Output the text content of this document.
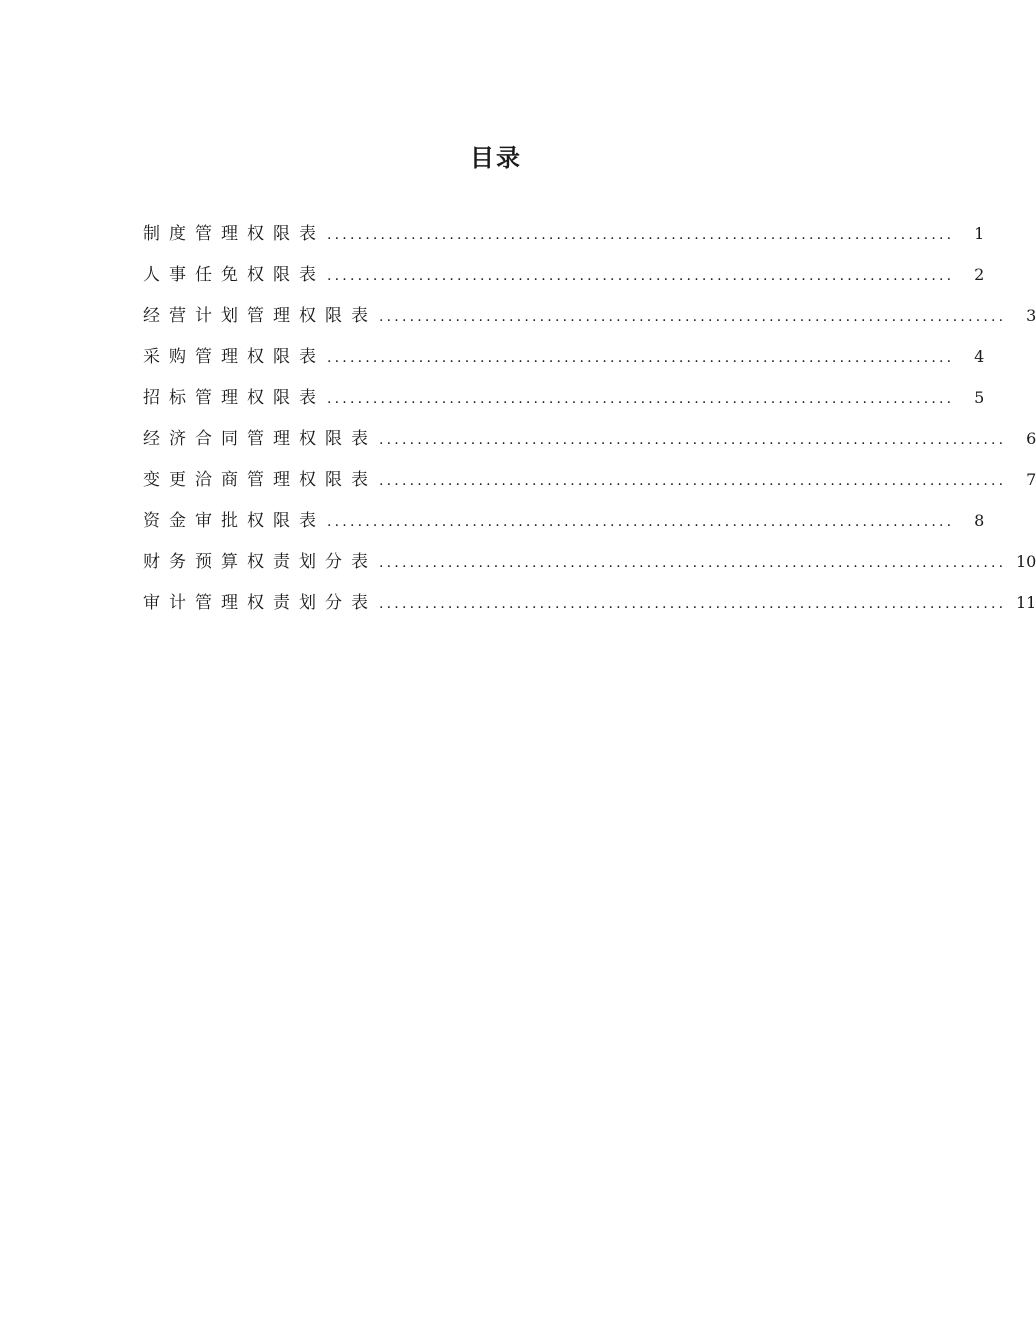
目录
制度管理权限表 ..................................................................................	1
人事任免权限表 ..................................................................................	2
经营计划管理权限表 ..................................................................................	3
采购管理权限表 ..................................................................................	4
招标管理权限表 ..................................................................................	5
经济合同管理权限表 ..................................................................................	6
变更洽商管理权限表 ..................................................................................	7
资金审批权限表 ..................................................................................	8
财务预算权责划分表 .................................................................................. 10
审计管理权责划分表 .................................................................................. 11
